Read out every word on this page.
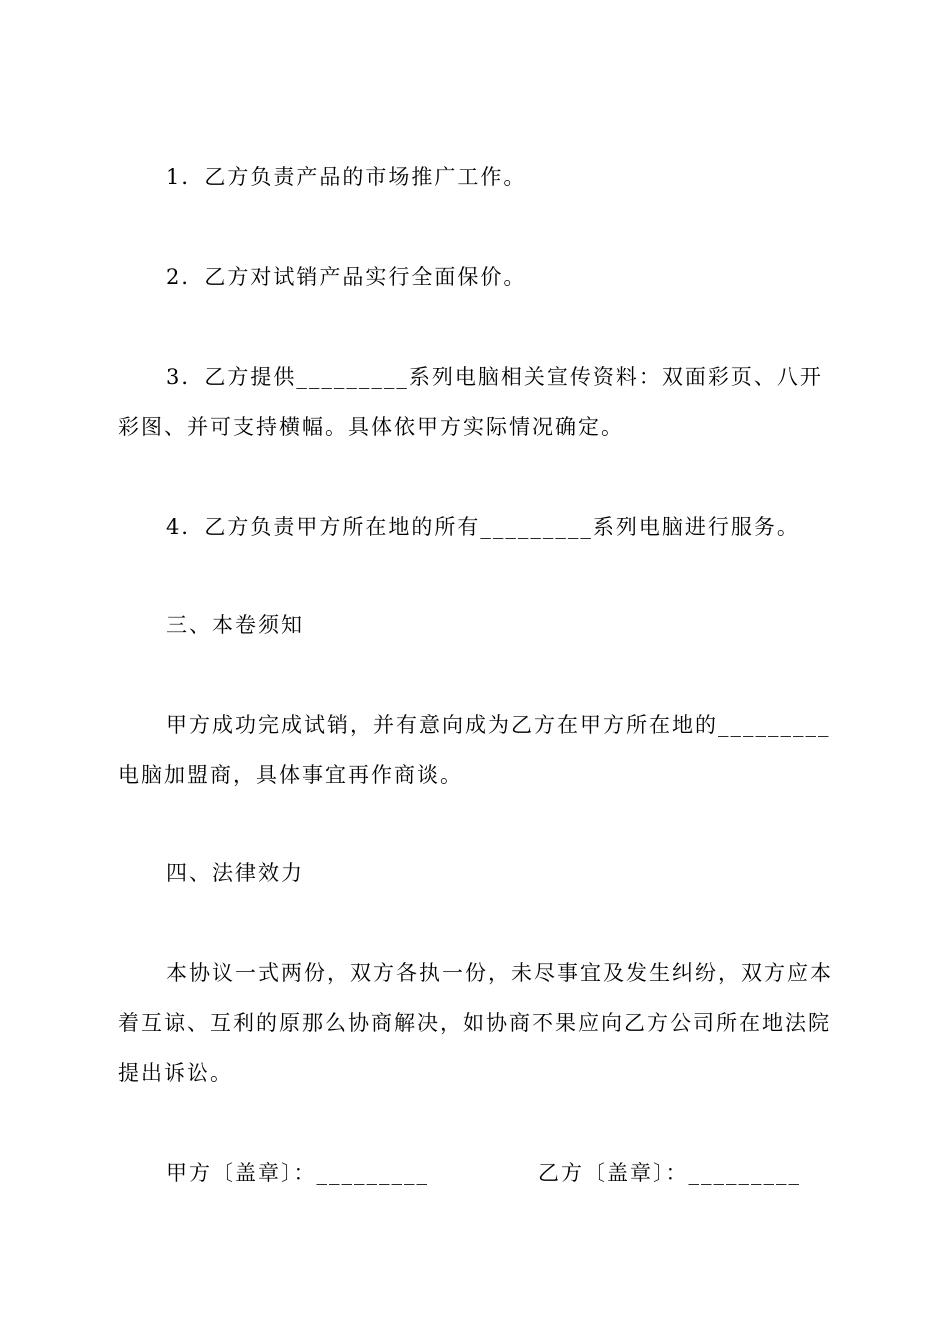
1．乙方负责产品的市场推广工作。

2．乙方对试销产品实行全面保价。

3．乙方提供_________系列电脑相关宣传资料：双面彩页、八开彩图、并可支持横幅。具体依甲方实际情况确定。

4．乙方负责甲方所在地的所有_________系列电脑进行服务。

三、本卷须知

甲方成功完成试销，并有意向成为乙方在甲方所在地的_________电脑加盟商，具体事宜再作商谈。

四、法律效力

本协议一式两份，双方各执一份，未尽事宜及发生纠纷，双方应本着互谅、互利的原那么协商解决，如协商不果应向乙方公司所在地法院提出诉讼。

甲方〔盖章〕：_________	乙方〔盖章〕：_________
